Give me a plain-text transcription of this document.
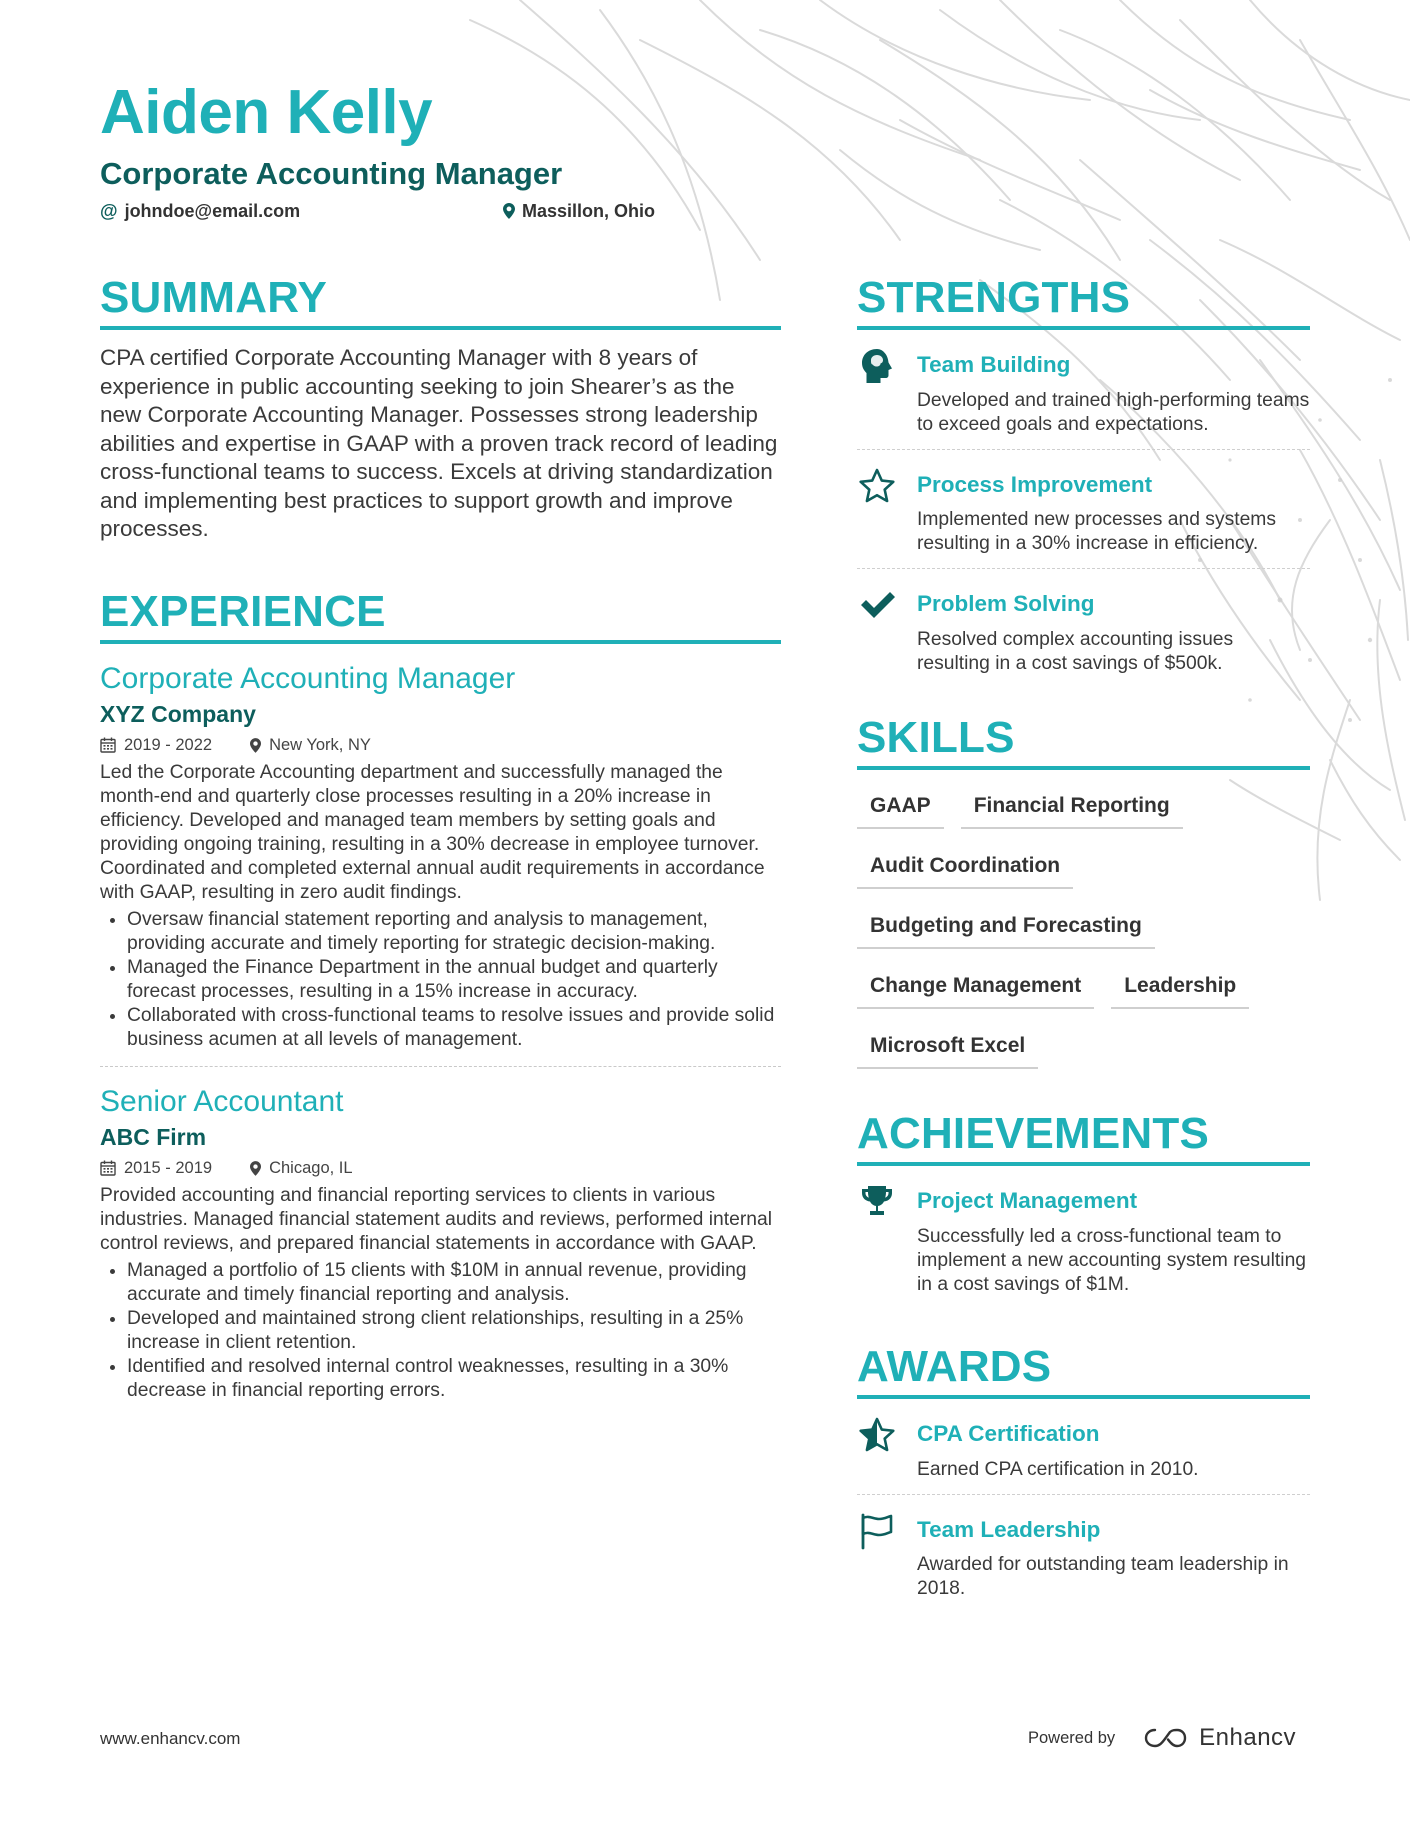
Aiden Kelly
Corporate Accounting Manager
@ johndoe@email.com	Massillon, Ohio
SUMMARY

CPA certified Corporate Accounting Manager with 8 years of experience in public accounting seeking to join Shearer’s as the new Corporate Accounting Manager. Possesses strong leadership abilities and expertise in GAAP with a proven track record of leading cross-functional teams to success. Excels at driving standardization and implementing best practices to support growth and improve processes.

EXPERIENCE
Corporate Accounting Manager
XYZ Company
2019 - 2022	New York, NY
Led the Corporate Accounting department and successfully managed the month-end and quarterly close processes resulting in a 20% increase in efficiency. Developed and managed team members by setting goals and providing ongoing training, resulting in a 30% decrease in employee turnover. Coordinated and completed external annual audit requirements in accordance with GAAP, resulting in zero audit findings.
• Oversaw financial statement reporting and analysis to management, providing accurate and timely reporting for strategic decision-making.
• Managed the Finance Department in the annual budget and quarterly forecast processes, resulting in a 15% increase in accuracy.
• Collaborated with cross-functional teams to resolve issues and provide solid business acumen at all levels of management.
Senior Accountant
ABC Firm
2015 - 2019	Chicago, IL
Provided accounting and financial reporting services to clients in various industries. Managed financial statement audits and reviews, performed internal control reviews, and prepared financial statements in accordance with GAAP.
• Managed a portfolio of 15 clients with $10M in annual revenue, providing accurate and timely financial reporting and analysis.
• Developed and maintained strong client relationships, resulting in a 25% increase in client retention.
• Identified and resolved internal control weaknesses, resulting in a 30% decrease in financial reporting errors.
STRENGTHS
Team Building
Developed and trained high-performing teams to exceed goals and expectations.
Process Improvement
Implemented new processes and systems resulting in a 30% increase in efficiency.
Problem Solving
Resolved complex accounting issues resulting in a cost savings of $500k.
SKILLS
GAAP	Financial Reporting
Audit Coordination
Budgeting and Forecasting
Change Management	Leadership
Microsoft Excel
ACHIEVEMENTS
Project Management
Successfully led a cross-functional team to implement a new accounting system resulting in a cost savings of $1M.
AWARDS
CPA Certification
Earned CPA certification in 2010.
Team Leadership
Awarded for outstanding team leadership in 2018.
www.enhancv.com	Powered by	Enhancv
